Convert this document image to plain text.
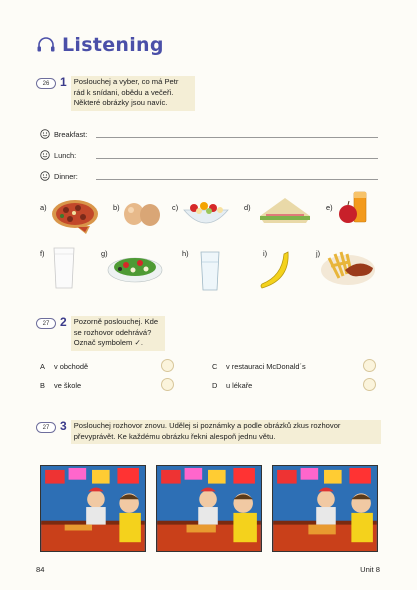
Listening
26 1 Poslouchej a vyber, co má Petr rád k snídani, obědu a večeři. Některé obrázky jsou navíc.
Breakfast:
Lunch:
Dinner:
a)	b)	c)	d)	e)
f)	g)	h)	i)	j)
27 2 Pozorně poslouchej. Kde se rozhovor odehrává? Označ symbolem ✓.
A	v obchodě
B	ve škole
C	v restauraci McDonald´s
D	u lékaře
27 3 Poslouchej rozhovor znovu. Udělej si poznámky a podle obrázků zkus rozhovor převyprávět. Ke každému obrázku řekni alespoň jednu větu.
84	Unit 8
